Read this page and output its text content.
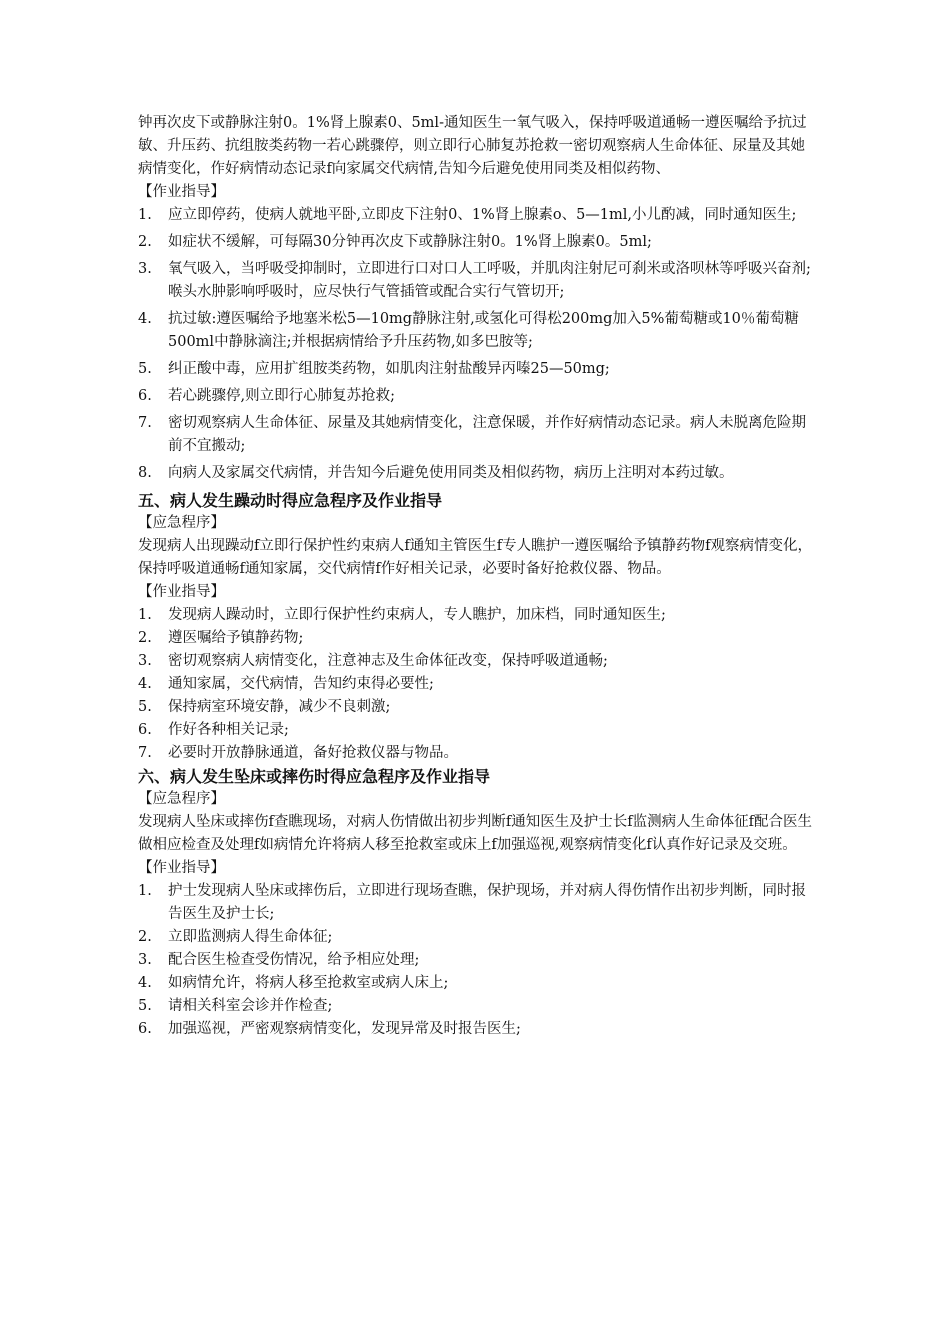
钟再次皮下或静脉注射0。1%肾上腺素0、5ml-通知医生一氧气吸入，保持呼吸道通畅一遵医嘱给予抗过敏、升压药、抗组胺类药物一若心跳骤停，则立即行心肺复苏抢救一密切观察病人生命体征、尿量及其她病情变化，作好病情动态记录f向家属交代病情,告知今后避免使用同类及相似药物、

【作业指导】

1.	应立即停药，使病人就地平卧,立即皮下注射0、1%肾上腺素o、5—1ml,小儿酌减，同时通知医生;
2.	如症状不缓解，可每隔30分钟再次皮下或静脉注射0。1%肾上腺素0。5ml;
3.	氧气吸入，当呼吸受抑制时，立即进行口对口人工呼吸，并肌肉注射尼可刹米或洛呗林等呼吸兴奋剂;喉头水肿影响呼吸时，应尽快行气管插管或配合实行气管切开;
4.	抗过敏:遵医嘱给予地塞米松5—10mg静脉注射,或氢化可得松200mg加入5%葡萄糖或10％葡萄糖500ml中静脉滴注;并根据病情给予升压药物,如多巴胺等;
5.	纠正酸中毒，应用扩组胺类药物，如肌肉注射盐酸异丙嗪25—50mg;
6.	若心跳骤停,则立即行心肺复苏抢救;
7.	密切观察病人生命体征、尿量及其她病情变化，注意保暖，并作好病情动态记录。病人未脱离危险期前不宜搬动;
8. 向病人及家属交代病情，并告知今后避免使用同类及相似药物，病历上注明对本药过敏。
五、病人发生躁动时得应急程序及作业指导

【应急程序】

发现病人出现躁动f立即行保护性约束病人f通知主管医生f专人瞧护一遵医嘱给予镇静药物f观察病情变化，保持呼吸道通畅f通知家属，交代病情f作好相关记录，必要时备好抢救仪器、物品。

【作业指导】

1.	发现病人躁动时，立即行保护性约束病人，专人瞧护，加床档，同时通知医生;
2.	遵医嘱给予镇静药物;
3.	密切观察病人病情变化，注意神志及生命体征改变，保持呼吸道通畅;
4.	通知家属，交代病情，告知约束得必要性;
5.	保持病室环境安静，减少不良刺激;
6.	作好各种相关记录;
7.	必要时开放静脉通道，备好抢救仪器与物品。
六、病人发生坠床或摔伤时得应急程序及作业指导

【应急程序】

发现病人坠床或摔伤f查瞧现场，对病人伤情做出初步判断f通知医生及护士长f监测病人生命体征f配合医生做相应检查及处理f如病情允许将病人移至抢救室或床上f加强巡视,观察病情变化f认真作好记录及交班。

【作业指导】

1.	护士发现病人坠床或摔伤后，立即进行现场查瞧，保护现场，并对病人得伤情作出初步判断，同时报告医生及护士长;
2.	立即监测病人得生命体征;
3.	配合医生检查受伤情况，给予相应处理;
4.	如病情允许，将病人移至抢救室或病人床上;
5.	请相关科室会诊并作检查;
6.	加强巡视，严密观察病情变化，发现异常及时报告医生;
